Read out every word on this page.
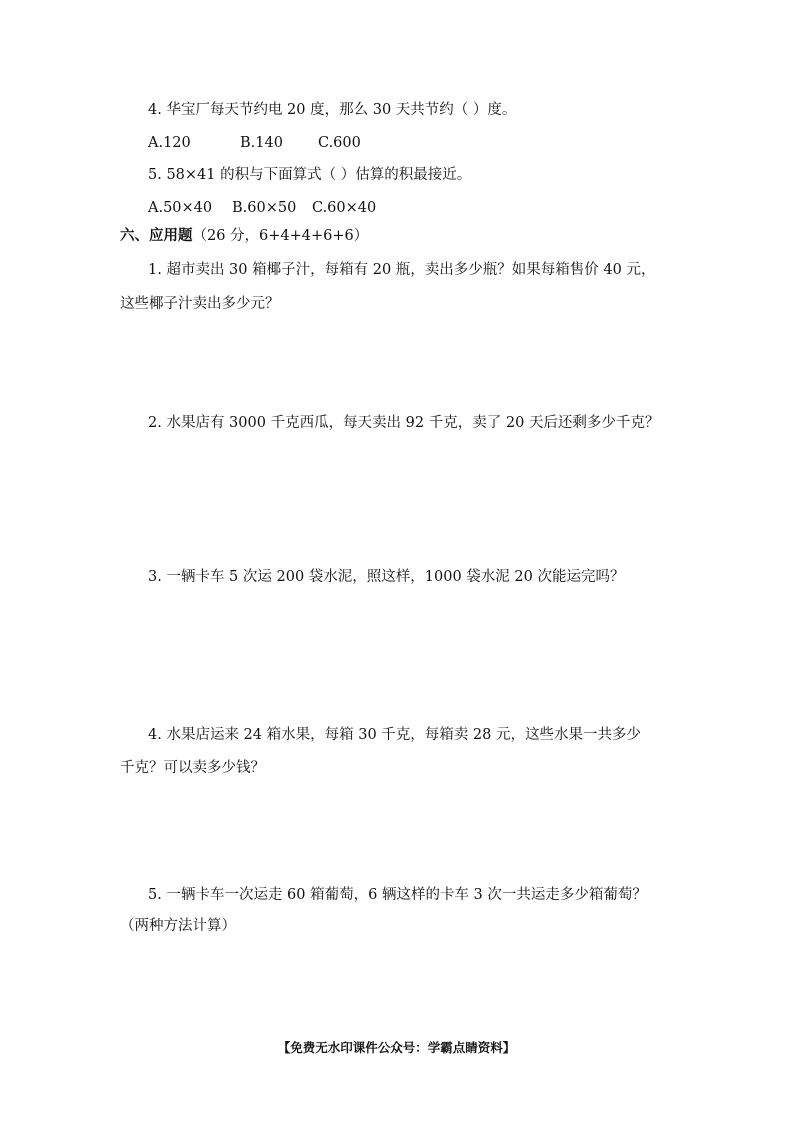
4. 华宝厂每天节约电 20 度，那么 30 天共节约（ ）度。
A.120	B.140 C.600
5. 58×41 的积与下面算式（ ）估算的积最接近。
A.50×40 B.60×50 C.60×40
六、应用题（26 分，6+4+4+6+6）
1. 超市卖出 30 箱椰子汁，每箱有 20 瓶，卖出多少瓶？如果每箱售价 40 元，
这些椰子汁卖出多少元？
2. 水果店有 3000 千克西瓜，每天卖出 92 千克，卖了 20 天后还剩多少千克？
3. 一辆卡车 5 次运 200 袋水泥，照这样，1000 袋水泥 20 次能运完吗？
4. 水果店运来 24 箱水果，每箱 30 千克，每箱卖 28 元，这些水果一共多少
千克？可以卖多少钱？
5. 一辆卡车一次运走 60 箱葡萄，6 辆这样的卡车 3 次一共运走多少箱葡萄？
（两种方法计算）
【免费无水印课件公众号：学霸点睛资料】
